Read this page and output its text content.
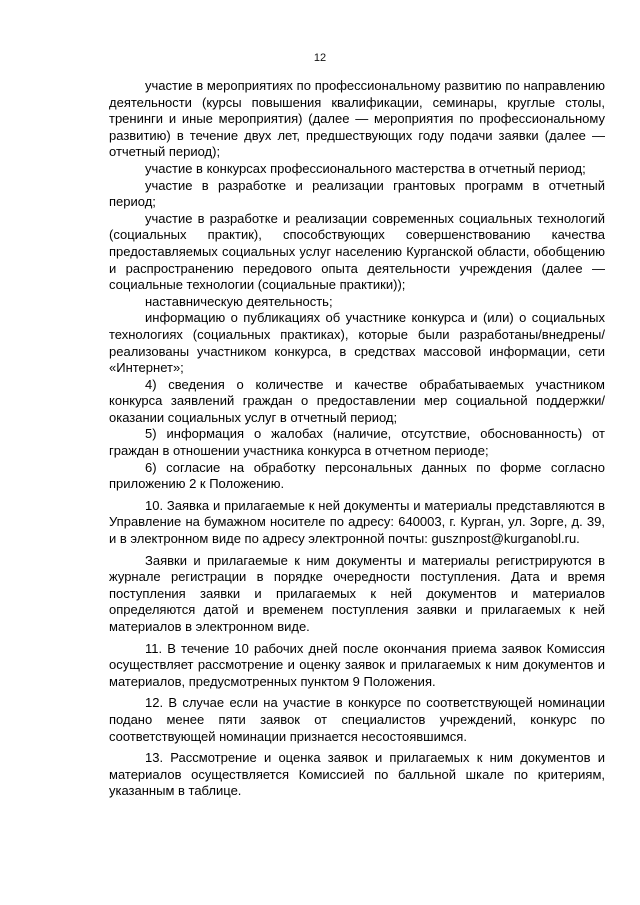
12

участие в мероприятиях по профессиональному развитию по направлению деятельности (курсы повышения квалификации, семинары, круглые столы, тренинги и иные мероприятия) (далее — мероприятия по профессиональному развитию) в течение двух лет, предшествующих году подачи заявки (далее — отчетный период);

участие в конкурсах профессионального мастерства в отчетный период;

участие в разработке и реализации грантовых программ в отчетный период;

участие в разработке и реализации современных социальных технологий (социальных практик), способствующих совершенствованию качества предоставляемых социальных услуг населению Курганской области, обобщению и распространению передового опыта деятельности учреждения (далее — социальные технологии (социальные практики));

наставническую деятельность;

информацию о публикациях об участнике конкурса и (или) о социальных технологиях (социальных практиках), которые были разработаны/внедрены/реализованы участником конкурса, в средствах массовой информации, сети «Интернет»;

4) сведения о количестве и качестве обрабатываемых участником конкурса заявлений граждан о предоставлении мер социальной поддержки/оказании социальных услуг в отчетный период;

5) информация о жалобах (наличие, отсутствие, обоснованность) от граждан в отношении участника конкурса в отчетном периоде;

6) согласие на обработку персональных данных по форме согласно приложению 2 к Положению.

10. Заявка и прилагаемые к ней документы и материалы представляются в Управление на бумажном носителе по адресу: 640003, г. Курган, ул. Зорге, д. 39, и в электронном виде по адресу электронной почты: gusznpost@kurganobl.ru.

Заявки и прилагаемые к ним документы и материалы регистрируются в журнале регистрации в порядке очередности поступления. Дата и время поступления заявки и прилагаемых к ней документов и материалов определяются датой и временем поступления заявки и прилагаемых к ней материалов в электронном виде.

11. В течение 10 рабочих дней после окончания приема заявок Комиссия осуществляет рассмотрение и оценку заявок и прилагаемых к ним документов и материалов, предусмотренных пунктом 9 Положения.

12. В случае если на участие в конкурсе по соответствующей номинации подано менее пяти заявок от специалистов учреждений, конкурс по соответствующей номинации признается несостоявшимся.

13. Рассмотрение и оценка заявок и прилагаемых к ним документов и материалов осуществляется Комиссией по балльной шкале по критериям, указанным в таблице.
